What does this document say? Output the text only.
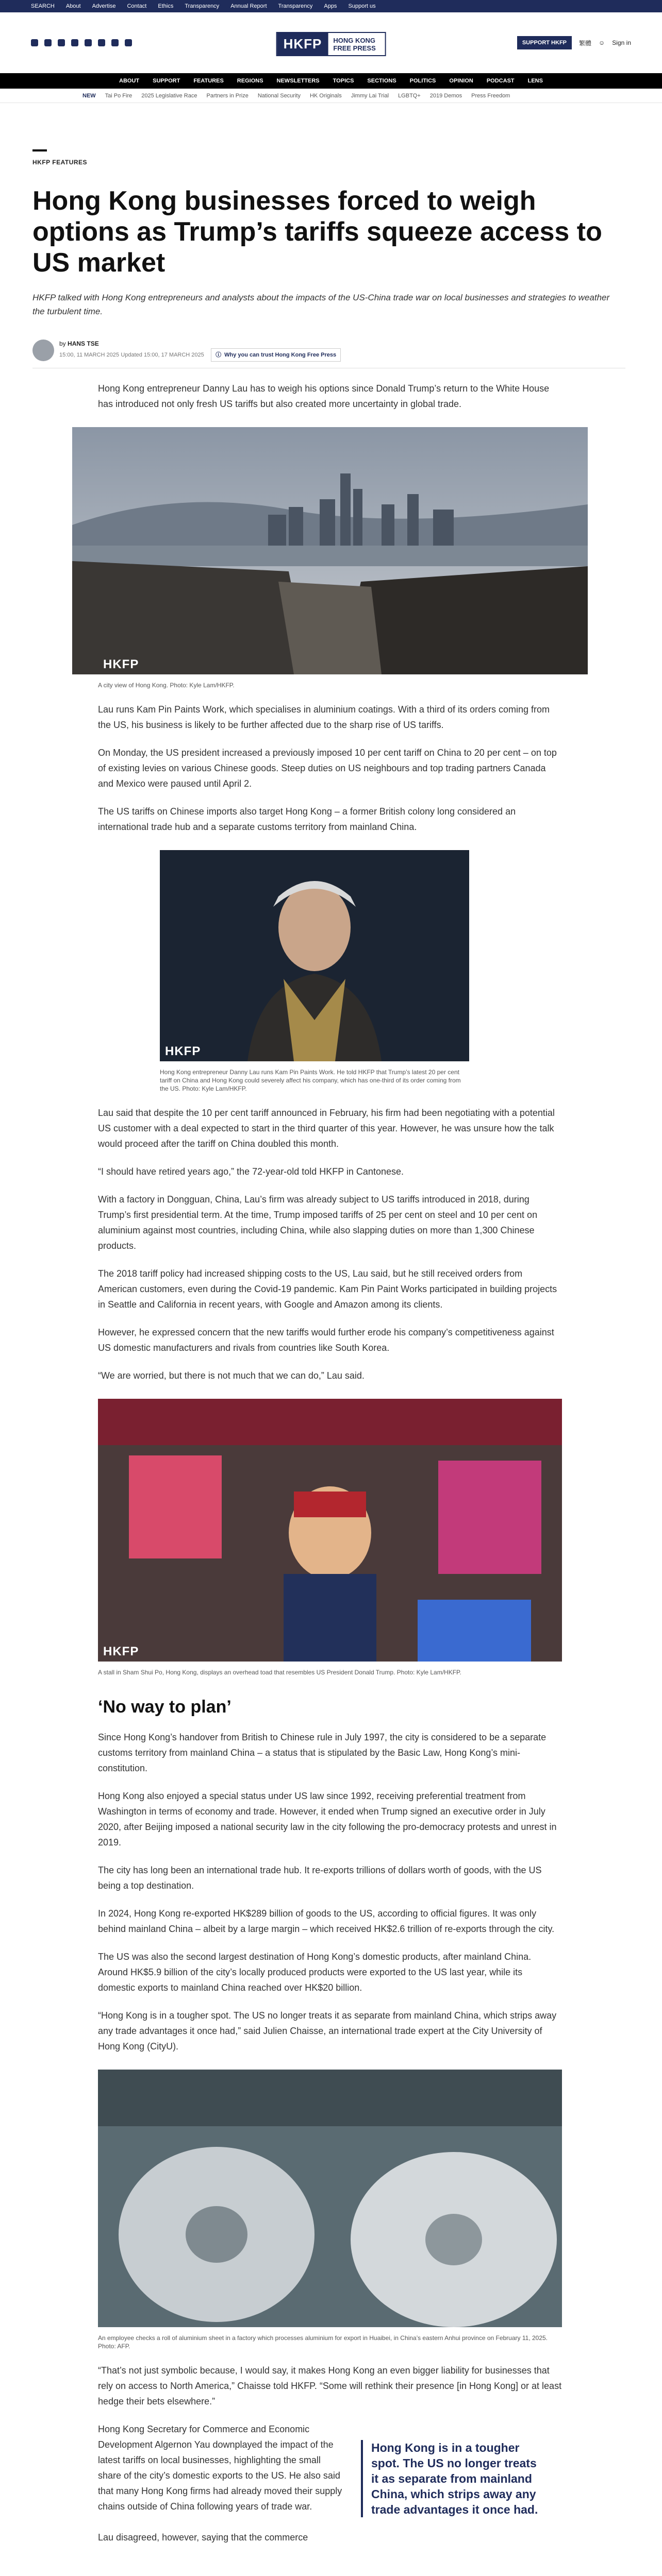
SEARCH About Advertise Contact Ethics Transparency Annual Report Transparency Apps Support us
HKFP	HONG KONG FREE PRESS
SUPPORT HKFP	繁體 ☺ Sign in
ABOUT SUPPORT FEATURES REGIONS NEWSLETTERS TOPICS SECTIONS POLITICS OPINION PODCAST LENS
NEW Tai Po Fire 2025 Legislative Race Partners in Prize National Security HK Originals Jimmy Lai Trial LGBTQ+ 2019 Demos Press Freedom
HKFP FEATURES
Hong Kong businesses forced to weigh options as Trump’s tariffs squeeze access to US market
HKFP talked with Hong Kong entrepreneurs and analysts about the impacts of the US-China trade war on local businesses and strategies to weather the turbulent time.
by HANS TSE
15:00, 11 MARCH 2025 Updated 15:00, 17 MARCH 2025 ⓘ Why you can trust Hong Kong Free Press

Hong Kong entrepreneur Danny Lau has to weigh his options since Donald Trump’s return to the White House has introduced not only fresh US tariffs but also created more uncertainty in global trade.

HKFP
A city view of Hong Kong. Photo: Kyle Lam/HKFP.

Lau runs Kam Pin Paints Work, which specialises in aluminium coatings. With a third of its orders coming from the US, his business is likely to be further affected due to the sharp rise of US tariffs.

On Monday, the US president increased a previously imposed 10 per cent tariff on China to 20 per cent – on top of existing levies on various Chinese goods. Steep duties on US neighbours and top trading partners Canada and Mexico were paused until April 2.

The US tariffs on Chinese imports also target Hong Kong – a former British colony long considered an international trade hub and a separate customs territory from mainland China.

HKFP
Hong Kong entrepreneur Danny Lau runs Kam Pin Paints Work. He told HKFP that Trump’s latest 20 per cent tariff on China and Hong Kong could severely affect his company, which has one-third of its order coming from the US. Photo: Kyle Lam/HKFP.

Lau said that despite the 10 per cent tariff announced in February, his firm had been negotiating with a potential US customer with a deal expected to start in the third quarter of this year. However, he was unsure how the talk would proceed after the tariff on China doubled this month.

“I should have retired years ago,” the 72-year-old told HKFP in Cantonese.

With a factory in Dongguan, China, Lau’s firm was already subject to US tariffs introduced in 2018, during Trump’s first presidential term. At the time, Trump imposed tariffs of 25 per cent on steel and 10 per cent on aluminium against most countries, including China, while also slapping duties on more than 1,300 Chinese products.

The 2018 tariff policy had increased shipping costs to the US, Lau said, but he still received orders from American customers, even during the Covid-19 pandemic. Kam Pin Paint Works participated in building projects in Seattle and California in recent years, with Google and Amazon among its clients.

However, he expressed concern that the new tariffs would further erode his company’s competitiveness against US domestic manufacturers and rivals from countries like South Korea.

“We are worried, but there is not much that we can do,” Lau said.

HKFP
A stall in Sham Shui Po, Hong Kong, displays an overhead toad that resembles US President Donald Trump. Photo: Kyle Lam/HKFP.
‘No way to plan’

Since Hong Kong’s handover from British to Chinese rule in July 1997, the city is considered to be a separate customs territory from mainland China – a status that is stipulated by the Basic Law, Hong Kong’s mini-constitution.

Hong Kong also enjoyed a special status under US law since 1992, receiving preferential treatment from Washington in terms of economy and trade. However, it ended when Trump signed an executive order in July 2020, after Beijing imposed a national security law in the city following the pro-democracy protests and unrest in 2019.

The city has long been an international trade hub. It re-exports trillions of dollars worth of goods, with the US being a top destination.

In 2024, Hong Kong re-exported HK$289 billion of goods to the US, according to official figures. It was only behind mainland China – albeit by a large margin – which received HK$2.6 trillion of re-exports through the city.

The US was also the second largest destination of Hong Kong’s domestic products, after mainland China. Around HK$5.9 billion of the city’s locally produced products were exported to the US last year, while its domestic exports to mainland China reached over HK$20 billion.

“Hong Kong is in a tougher spot. The US no longer treats it as separate from mainland China, which strips away any trade advantages it once had,” said Julien Chaisse, an international trade expert at the City University of Hong Kong (CityU).

An employee checks a roll of aluminium sheet in a factory which processes aluminium for export in Huaibei, in China’s eastern Anhui province on February 11, 2025. Photo: AFP.

“That’s not just symbolic because, I would say, it makes Hong Kong an even bigger liability for businesses that rely on access to North America,” Chaisse told HKFP. “Some will rethink their presence [in Hong Kong] or at least hedge their bets elsewhere.”

Hong Kong Secretary for Commerce and Economic Development Algernon Yau downplayed the impact of the latest tariffs on local businesses, highlighting the small share of the city’s domestic exports to the US. He also said that many Hong Kong firms had already moved their supply chains outside of China following years of trade war.

Hong Kong is in a tougher spot. The US no longer treats it as separate from mainland China, which strips away any trade advantages it once had.

Lau disagreed, however, saying that the commerce
